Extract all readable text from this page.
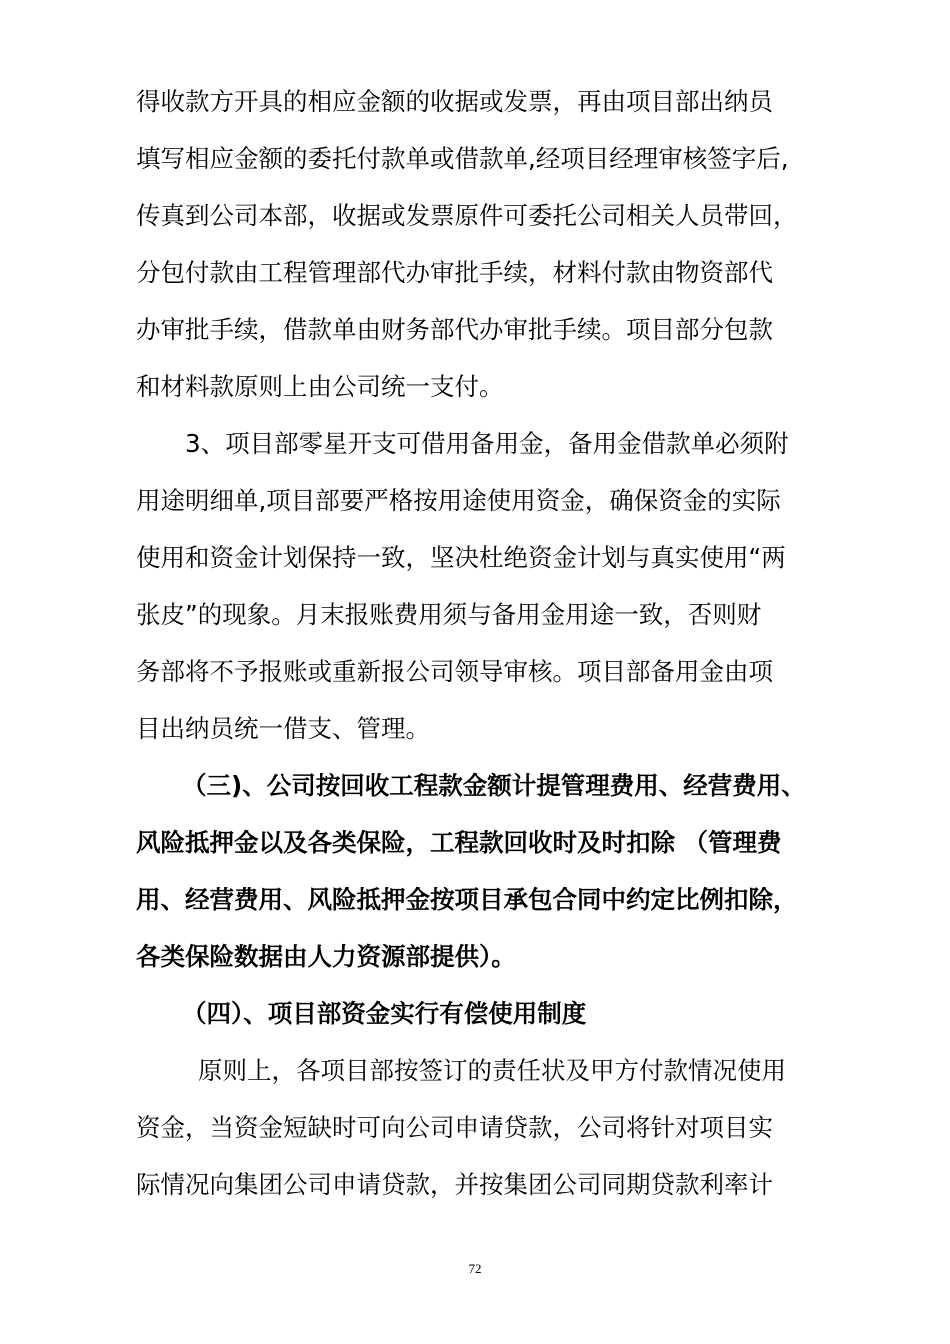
得收款方开具的相应金额的收据或发票，再由项目部出纳员
填写相应金额的委托付款单或借款单,经项目经理审核签字后,
传真到公司本部，收据或发票原件可委托公司相关人员带回，
分包付款由工程管理部代办审批手续，材料付款由物资部代
办审批手续，借款单由财务部代办审批手续。项目部分包款
和材料款原则上由公司统一支付。
3、项目部零星开支可借用备用金，备用金借款单必须附
用途明细单,项目部要严格按用途使用资金，确保资金的实际
使用和资金计划保持一致，坚决杜绝资金计划与真实使用“两
张皮”的现象。月末报账费用须与备用金用途一致，否则财
务部将不予报账或重新报公司领导审核。项目部备用金由项
目出纳员统一借支、管理。
（三)、公司按回收工程款金额计提管理费用、经营费用、
风险抵押金以及各类保险，工程款回收时及时扣除 （管理费
用、经营费用、风险抵押金按项目承包合同中约定比例扣除，
各类保险数据由人力资源部提供）。
（四）、项目部资金实行有偿使用制度
原则上，各项目部按签订的责任状及甲方付款情况使用
资金，当资金短缺时可向公司申请贷款，公司将针对项目实
际情况向集团公司申请贷款，并按集团公司同期贷款利率计
72
